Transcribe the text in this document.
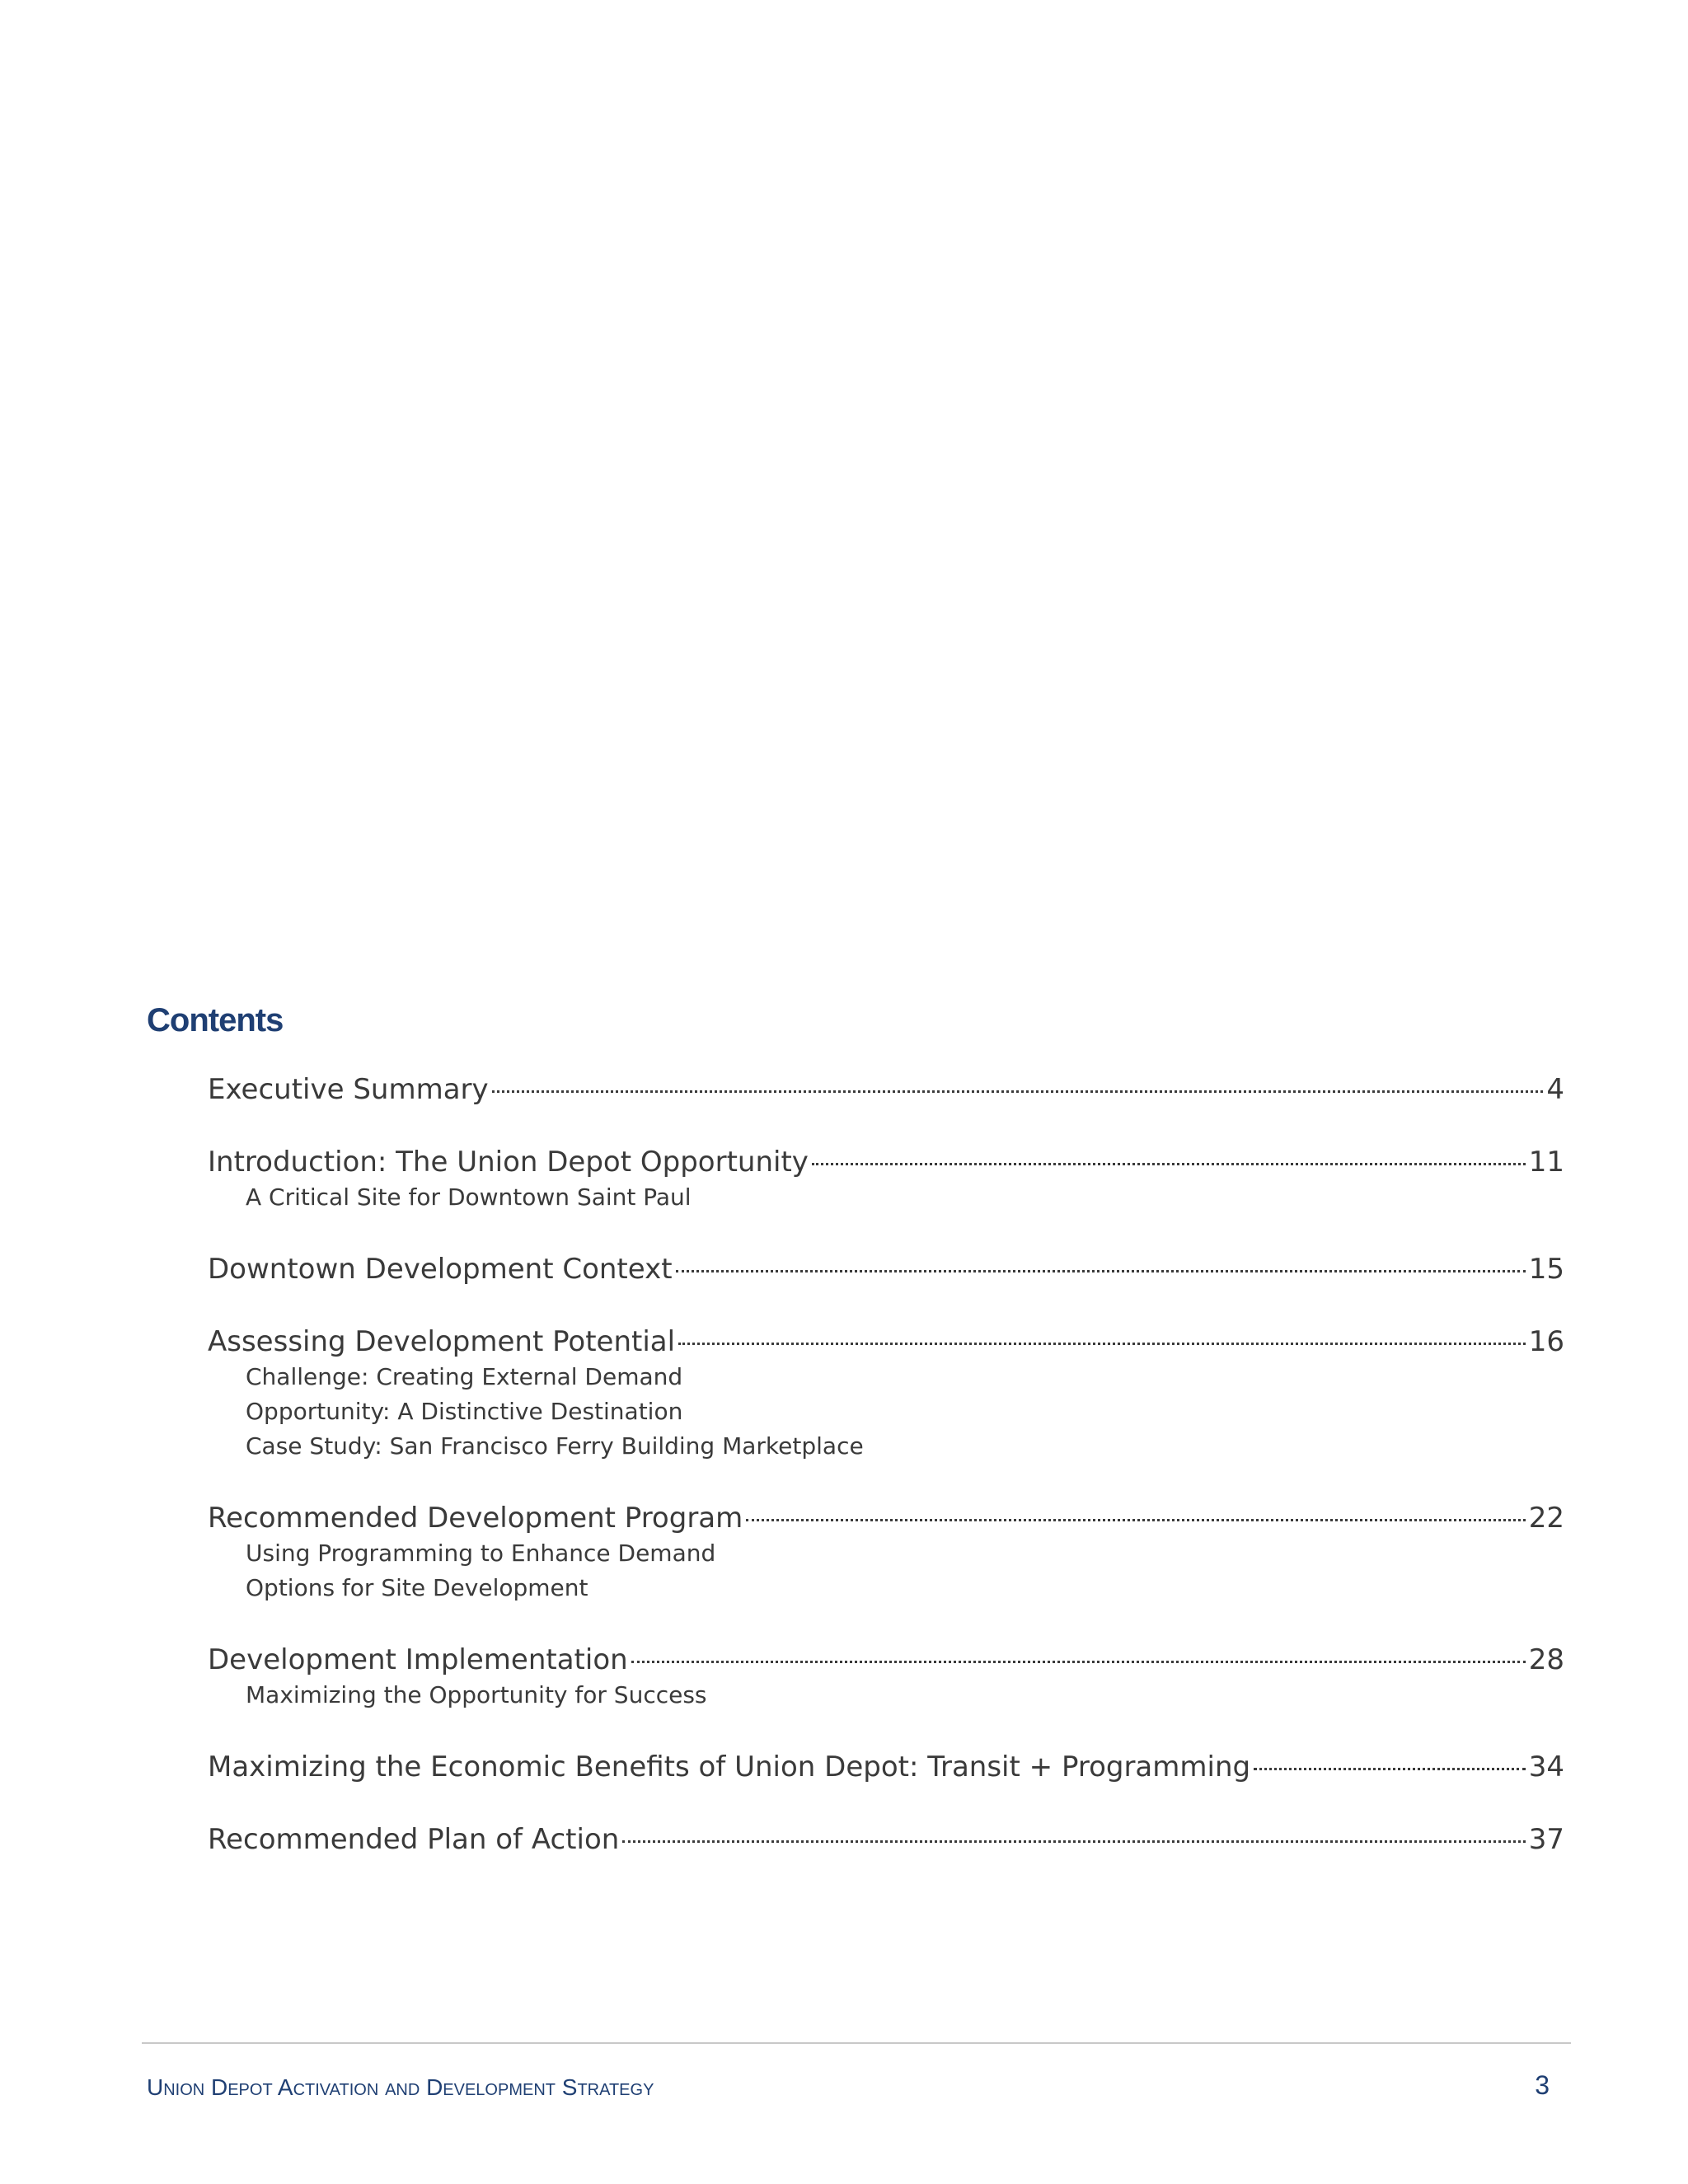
Contents
Executive Summary	4
Introduction: The Union Depot Opportunity	11
A Critical Site for Downtown Saint Paul
Downtown Development Context	15
Assessing Development Potential	16
Challenge: Creating External Demand
Opportunity: A Distinctive Destination
Case Study: San Francisco Ferry Building Marketplace
Recommended Development Program	22
Using Programming to Enhance Demand
Options for Site Development
Development Implementation	28
Maximizing the Opportunity for Success
Maximizing the Economic Benefits of Union Depot: Transit + Programming	34
Recommended Plan of Action	37
Union Depot Activation and Development Strategy	3
